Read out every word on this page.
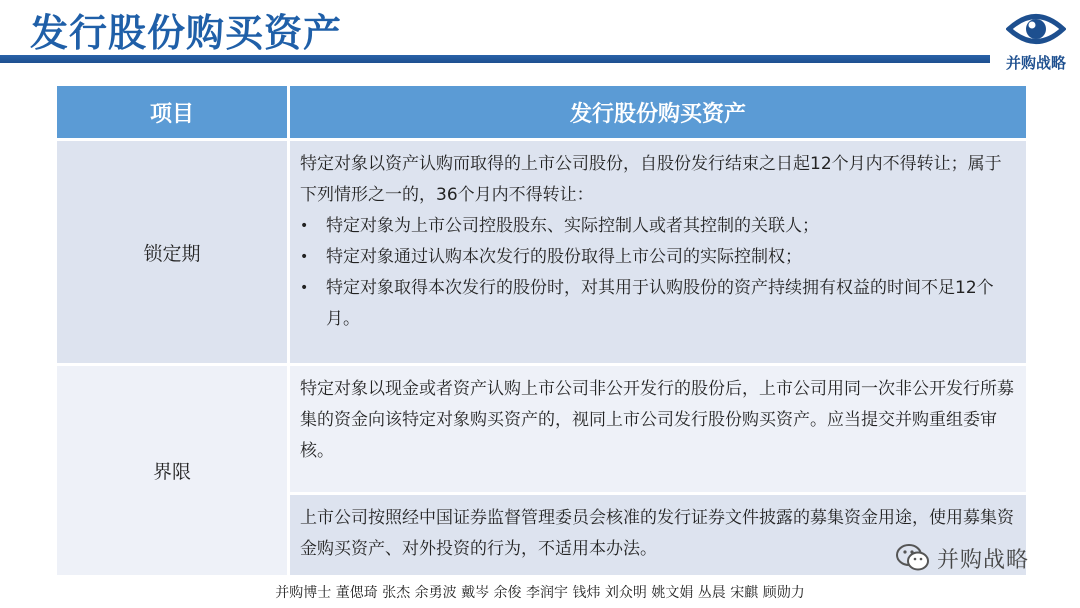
发行股份购买资产
并购战略
项目	发行股份购买资产
锁定期
特定对象以资产认购而取得的上市公司股份，自股份发行结束之日起12个月内不得转让；属于下列情形之一的，36个月内不得转让：
•	特定对象为上市公司控股股东、实际控制人或者其控制的关联人；
•	特定对象通过认购本次发行的股份取得上市公司的实际控制权；
•	特定对象取得本次发行的股份时，对其用于认购股份的资产持续拥有权益的时间不足12个月。
界限
特定对象以现金或者资产认购上市公司非公开发行的股份后，上市公司用同一次非公开发行所募集的资金向该特定对象购买资产的，视同上市公司发行股份购买资产。应当提交并购重组委审核。
上市公司按照经中国证券监督管理委员会核准的发行证券文件披露的募集资金用途，使用募集资金购买资产、对外投资的行为，不适用本办法。	并购战略
并购博士 董偲琦 张杰 余勇波 戴岑 余俊 李润宇 钱炜 刘众明 姚文娟 丛晨 宋麒 顾勋力
